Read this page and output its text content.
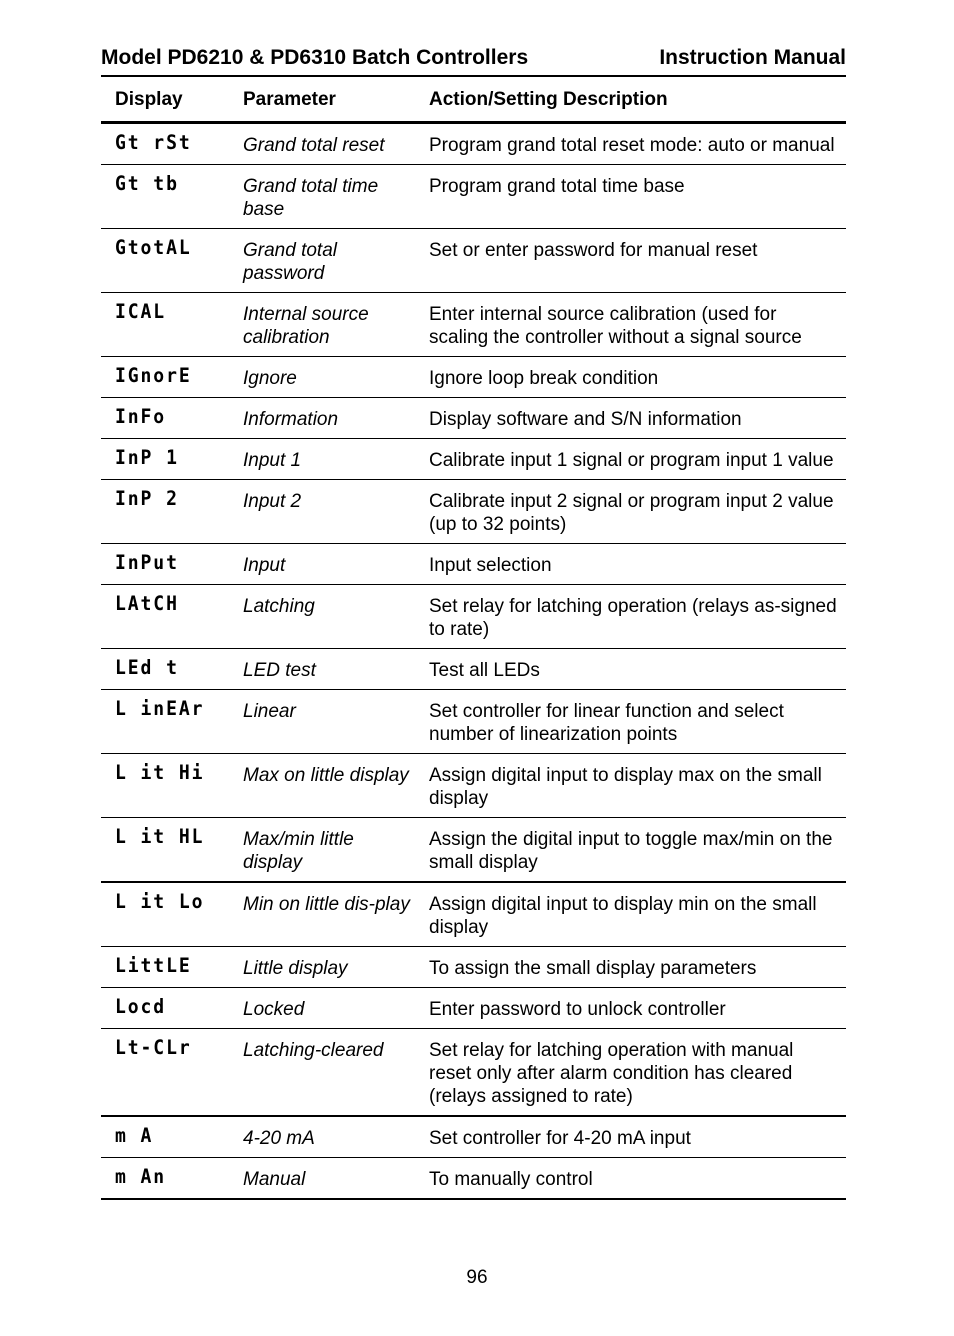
Model PD6210 & PD6310 Batch Controllers	Instruction Manual
Display	Parameter	Action/Setting Description
Gt rSt	Grand total reset	Program grand total reset mode: auto or manual
Gt tb	Grand total time base	Program grand total time base
GtotAL	Grand total password	Set or enter password for manual reset
ICAL	Internal source calibration	Enter internal source calibration (used for scaling the controller without a signal source
IGnorE	Ignore	Ignore loop break condition
InFo	Information	Display software and S/N information
InP 1	Input 1	Calibrate input 1 signal or program input 1 value
InP 2	Input 2	Calibrate input 2 signal or program input 2 value (up to 32 points)
InPut	Input	Input selection
LAtCH	Latching	Set relay for latching operation (relays as-signed to rate)
LEd t	LED test	Test all LEDs
L inEAr	Linear	Set controller for linear function and select number of linearization points
L it Hi	Max on little display	Assign digital input to display max on the small display
L it HL	Max/min little display	Assign the digital input to toggle max/min on the small display
L it Lo	Min on little dis-play	Assign digital input to display min on the small display
LittLE	Little display	To assign the small display parameters
Locd	Locked	Enter password to unlock controller
Lt-CLr	Latching-cleared	Set relay for latching operation with manual reset only after alarm condition has cleared (relays assigned to rate)
m A	4-20 mA	Set controller for 4-20 mA input
m An	Manual	To manually control
96
